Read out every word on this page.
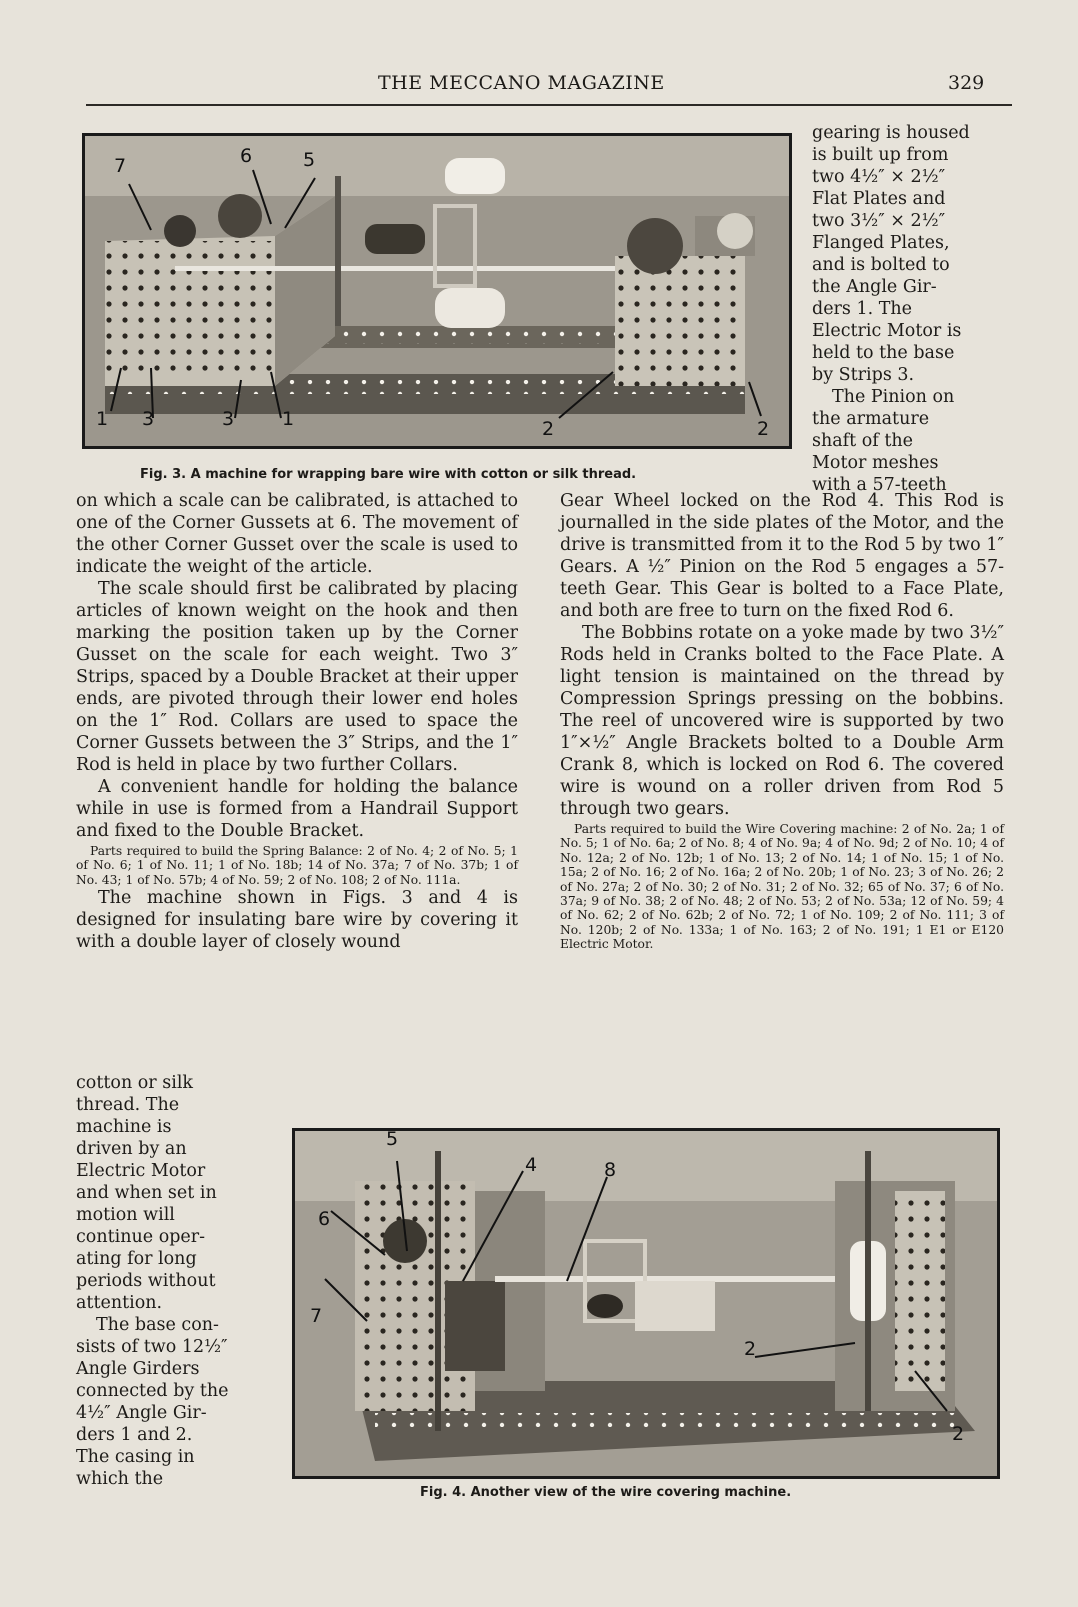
THE MECCANO MAGAZINE	329
7	6	5
1 3	3	1	2	2
Fig. 3. A machine for wrapping bare wire with cotton or silk thread.
gearing is housed
is built up from
two 4½″ × 2½″
Flat Plates and
two 3½″ × 2½″
Flanged Plates,
and is bolted to
the Angle Gir-
ders 1. The
Electric Motor is
held to the base
by Strips 3.
The Pinion on
the armature
shaft of the
Motor meshes
with a 57-teeth

on which a scale can be calibrated, is attached to one of the Corner Gussets at 6. The movement of the other Corner Gusset over the scale is used to indicate the weight of the article.

The scale should first be calibrated by placing articles of known weight on the hook and then marking the position taken up by the Corner Gusset on the scale for each weight. Two 3″ Strips, spaced by a Double Bracket at their upper ends, are pivoted through their lower end holes on the 1″ Rod. Collars are used to space the Corner Gussets between the 3″ Strips, and the 1″ Rod is held in place by two further Collars.

A convenient handle for holding the balance while in use is formed from a Handrail Support and fixed to the Double Bracket.

Parts required to build the Spring Balance: 2 of No. 4; 2 of No. 5; 1 of No. 6; 1 of No. 11; 1 of No. 18b; 14 of No. 37a; 7 of No. 37b; 1 of No. 43; 1 of No. 57b; 4 of No. 59; 2 of No. 108; 2 of No. 111a.

The machine shown in Figs. 3 and 4 is designed for insulating bare wire by covering it with a double layer of closely wound

cotton or silk
thread. The
machine is
driven by an
Electric Motor
and when set in
motion will
continue oper-
ating for long
periods without
attention.
The base con-
sists of two 12½″
Angle Girders
connected by the
4½″ Angle Gir-
ders 1 and 2.
The casing in
which the

Gear Wheel locked on the Rod 4. This Rod is journalled in the side plates of the Motor, and the drive is transmitted from it to the Rod 5 by two 1″ Gears. A ½″ Pinion on the Rod 5 engages a 57-teeth Gear. This Gear is bolted to a Face Plate, and both are free to turn on the fixed Rod 6.

The Bobbins rotate on a yoke made by two 3½″ Rods held in Cranks bolted to the Face Plate. A light tension is maintained on the thread by Compression Springs pressing on the bobbins. The reel of uncovered wire is supported by two 1″×½″ Angle Brackets bolted to a Double Arm Crank 8, which is locked on Rod 6. The covered wire is wound on a roller driven from Rod 5 through two gears.

Parts required to build the Wire Covering machine: 2 of No. 2a; 1 of No. 5; 1 of No. 6a; 2 of No. 8; 4 of No. 9a; 4 of No. 9d; 2 of No. 10; 4 of No. 12a; 2 of No. 12b; 1 of No. 13; 2 of No. 14; 1 of No. 15; 1 of No. 15a; 2 of No. 16; 2 of No. 16a; 2 of No. 20b; 1 of No. 23; 3 of No. 26; 2 of No. 27a; 2 of No. 30; 2 of No. 31; 2 of No. 32; 65 of No. 37; 6 of No. 37a; 9 of No. 38; 2 of No. 48; 2 of No. 53; 2 of No. 53a; 12 of No. 59; 4 of No. 62; 2 of No. 62b; 2 of No. 72; 1 of No. 109; 2 of No. 111; 3 of No. 120b; 2 of No. 133a; 1 of No. 163; 2 of No. 191; 1 E1 or E120 Electric Motor.

5
4	8
6
7
2
2
Fig. 4. Another view of the wire covering machine.
